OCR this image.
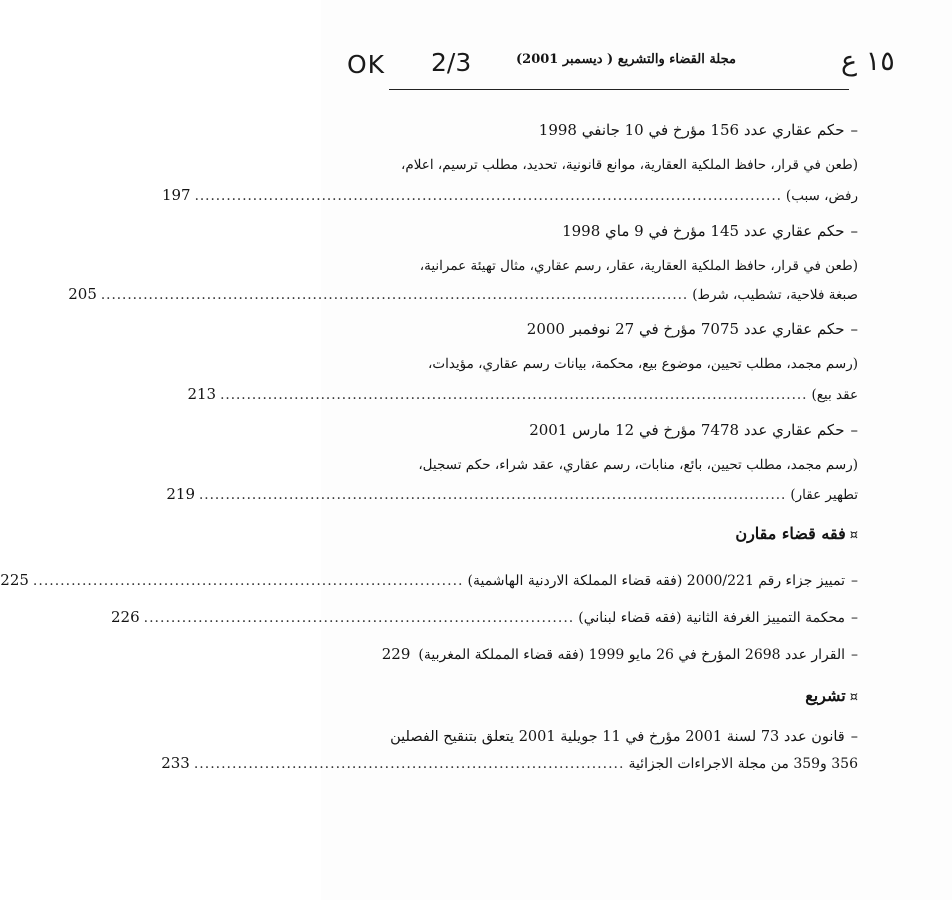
OK 2/3	١٥ ع
مجلة القضاء والتشريع ( ديسمبر 2001)
–حكم عقاري عدد 156 مؤرخ في 10 جانفي 1998
(طعن في قرار، حافظ الملكية العقارية، موانع قانونية، تحديد، مطلب ترسيم، اعلام،
رفض، سبب)
...............................................................................................................
197
–حكم عقاري عدد 145 مؤرخ في 9 ماي 1998
(طعن في قرار، حافظ الملكية العقارية، عقار، رسم عقاري، مثال تهيئة عمرانية،
صبغة فلاحية، تشطيب، شرط)
...............................................................................................................
205
–حكم عقاري عدد 7075 مؤرخ في 27 نوفمبر 2000
(رسم مجمد، مطلب تحيين، موضوع بيع، محكمة، بيانات رسم عقاري، مؤيدات،
عقد بيع)
...............................................................................................................
213
–حكم عقاري عدد 7478 مؤرخ في 12 مارس 2001
(رسم مجمد، مطلب تحيين، بائع، منابات، رسم عقاري، عقد شراء، حكم تسجيل،
تطهير عقار)
...............................................................................................................
219
¤فقه قضاء مقارن
–تمييز جزاء رقم 2000/221 (فقه قضاء المملكة الاردنية الهاشمية)
...............................................................................
225
–محكمة التمييز الغرفة الثانية (فقه قضاء لبناني)
...............................................................................
226
–القرار عدد 2698 المؤرخ في 26 مايو 1999 (فقه قضاء المملكة المغربية)
229
¤تشريع
–قانون عدد 73 لسنة 2001 مؤرخ في 11 جويلية 2001 يتعلق بتنقيح الفصلين
356 و359 من مجلة الاجراءات الجزائية
...............................................................................
233
